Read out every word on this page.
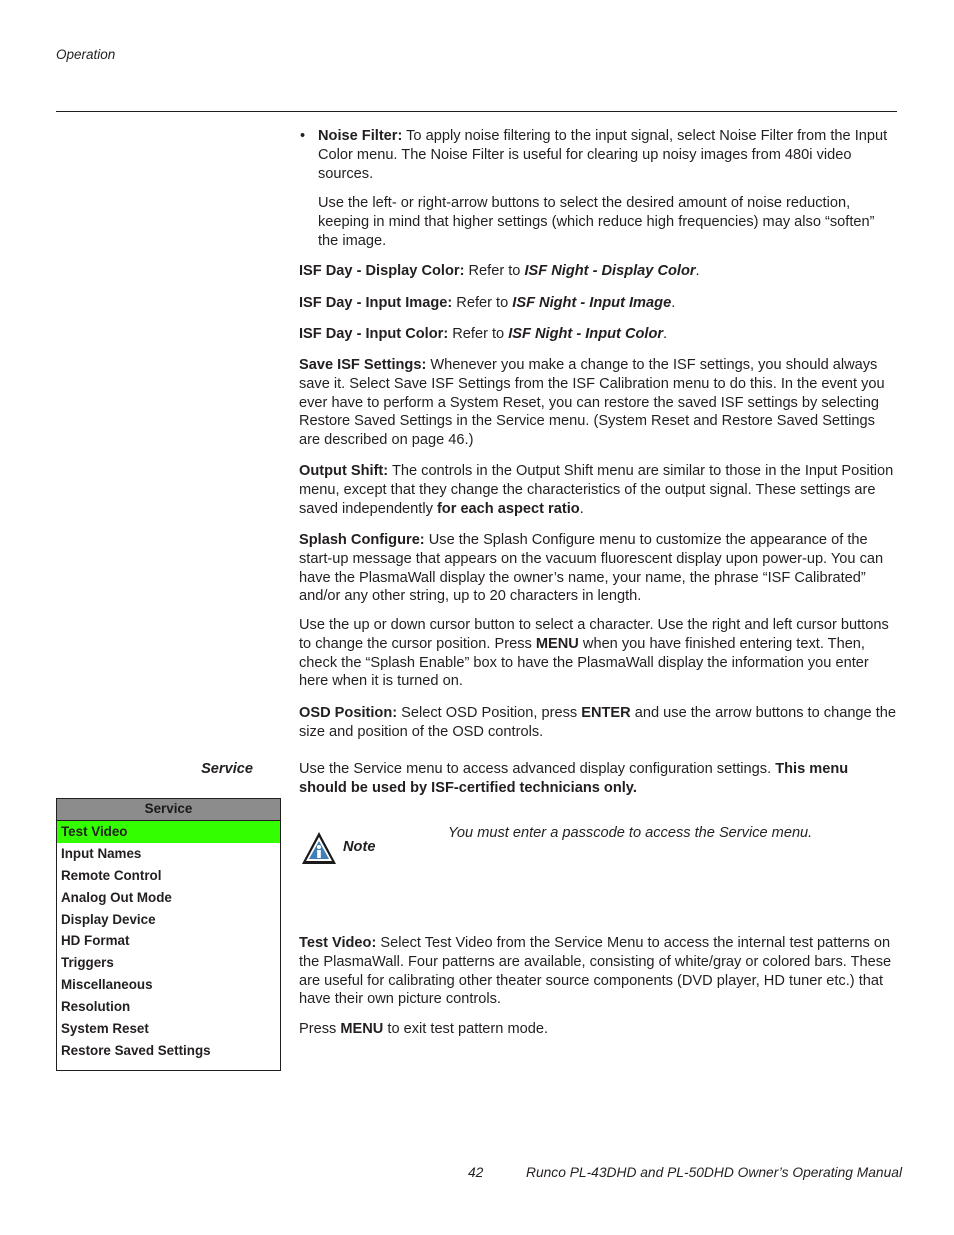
Operation
• Noise Filter: To apply noise filtering to the input signal, select Noise Filter from the Input Color menu. The Noise Filter is useful for clearing up noisy images from 480i video sources.

Use the left- or right-arrow buttons to select the desired amount of noise reduction, keeping in mind that higher settings (which reduce high frequencies) may also “soften” the image.

ISF Day - Display Color: Refer to ISF Night - Display Color.

ISF Day - Input Image: Refer to ISF Night - Input Image.

ISF Day - Input Color: Refer to ISF Night - Input Color.

Save ISF Settings: Whenever you make a change to the ISF settings, you should always save it. Select Save ISF Settings from the ISF Calibration menu to do this. In the event you ever have to perform a System Reset, you can restore the saved ISF settings by selecting Restore Saved Settings in the Service menu. (System Reset and Restore Saved Settings are described on page 46.)

Output Shift: The controls in the Output Shift menu are similar to those in the Input Position menu, except that they change the characteristics of the output signal. These settings are saved independently for each aspect ratio.

Splash Configure: Use the Splash Configure menu to customize the appearance of the start-up message that appears on the vacuum fluorescent display upon power-up. You can have the PlasmaWall display the owner’s name, your name, the phrase “ISF Calibrated” and/or any other string, up to 20 characters in length.

Use the up or down cursor button to select a character. Use the right and left cursor buttons to change the cursor position. Press MENU when you have finished entering text. Then, check the “Splash Enable” box to have the PlasmaWall display the information you enter here when it is turned on.

OSD Position: Select OSD Position, press ENTER and use the arrow buttons to change the size and position of the OSD controls.

Service	Use the Service menu to access advanced display configuration settings. This menu should be used by ISF-certified technicians only.

Service
Test Video
Input Names
Remote Control
Analog Out Mode
Display Device
HD Format
Triggers
Miscellaneous
Resolution
System Reset
Restore Saved Settings
Note
You must enter a passcode to access the Service menu.

Test Video: Select Test Video from the Service Menu to access the internal test patterns on the PlasmaWall. Four patterns are available, consisting of white/gray or colored bars. These are useful for calibrating other theater source components (DVD player, HD tuner etc.) that have their own picture controls.

Press MENU to exit test pattern mode.

42	Runco PL-43DHD and PL-50DHD Owner’s Operating Manual
